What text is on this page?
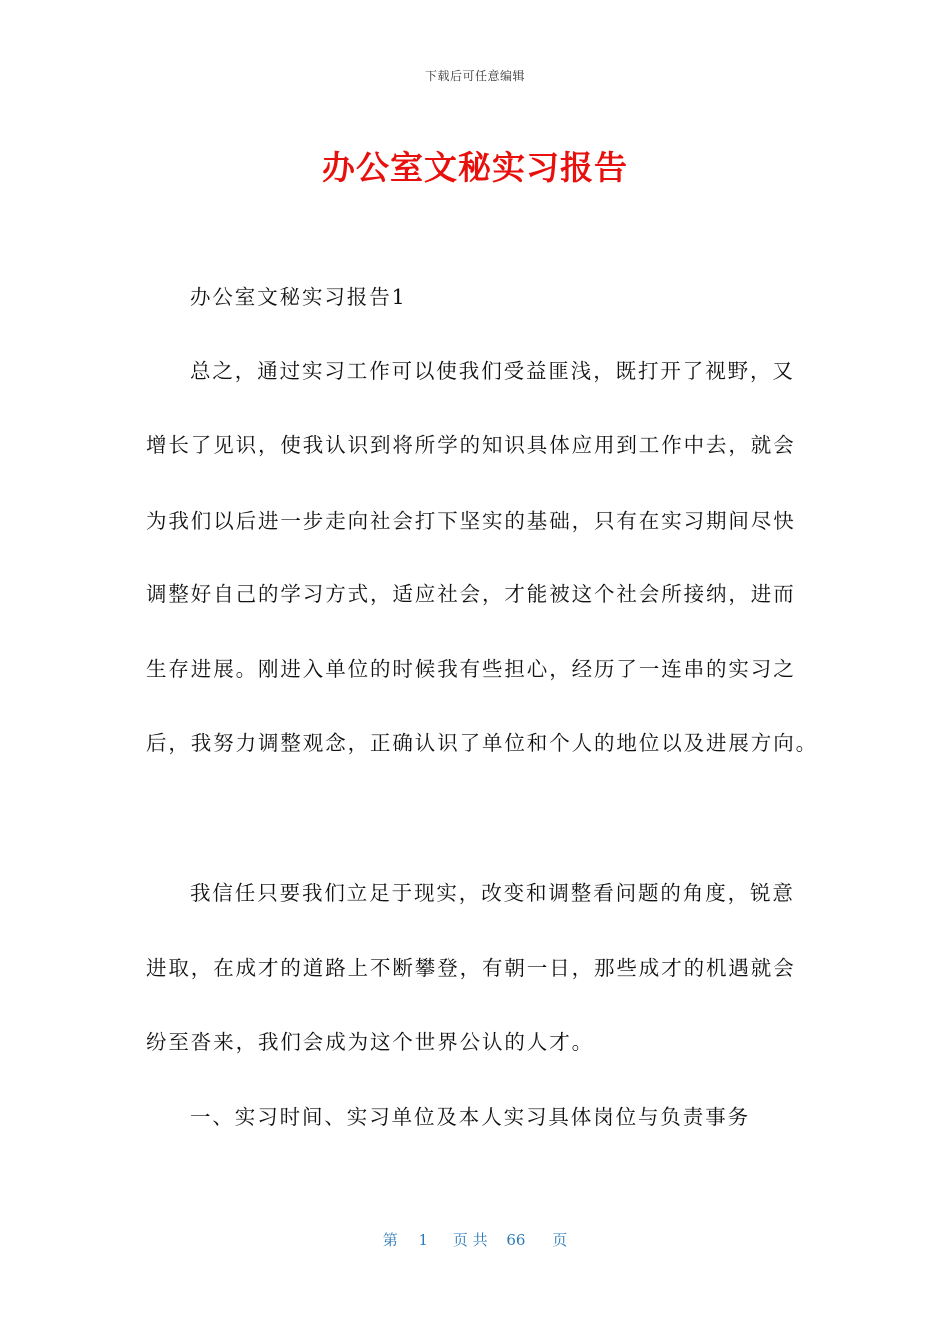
下载后可任意编辑
办公室文秘实习报告
办公室文秘实习报告1
总之，通过实习工作可以使我们受益匪浅，既打开了视野，又
增长了见识，使我认识到将所学的知识具体应用到工作中去，就会
为我们以后进一步走向社会打下坚实的基础，只有在实习期间尽快
调整好自己的学习方式，适应社会，才能被这个社会所接纳，进而
生存进展。刚进入单位的时候我有些担心，经历了一连串的实习之
后，我努力调整观念，正确认识了单位和个人的地位以及进展方向。
我信任只要我们立足于现实，改变和调整看问题的角度，锐意
进取，在成才的道路上不断攀登，有朝一日，那些成才的机遇就会
纷至沓来，我们会成为这个世界公认的人才。
一、实习时间、实习单位及本人实习具体岗位与负责事务
第 1 页 共 66 页
